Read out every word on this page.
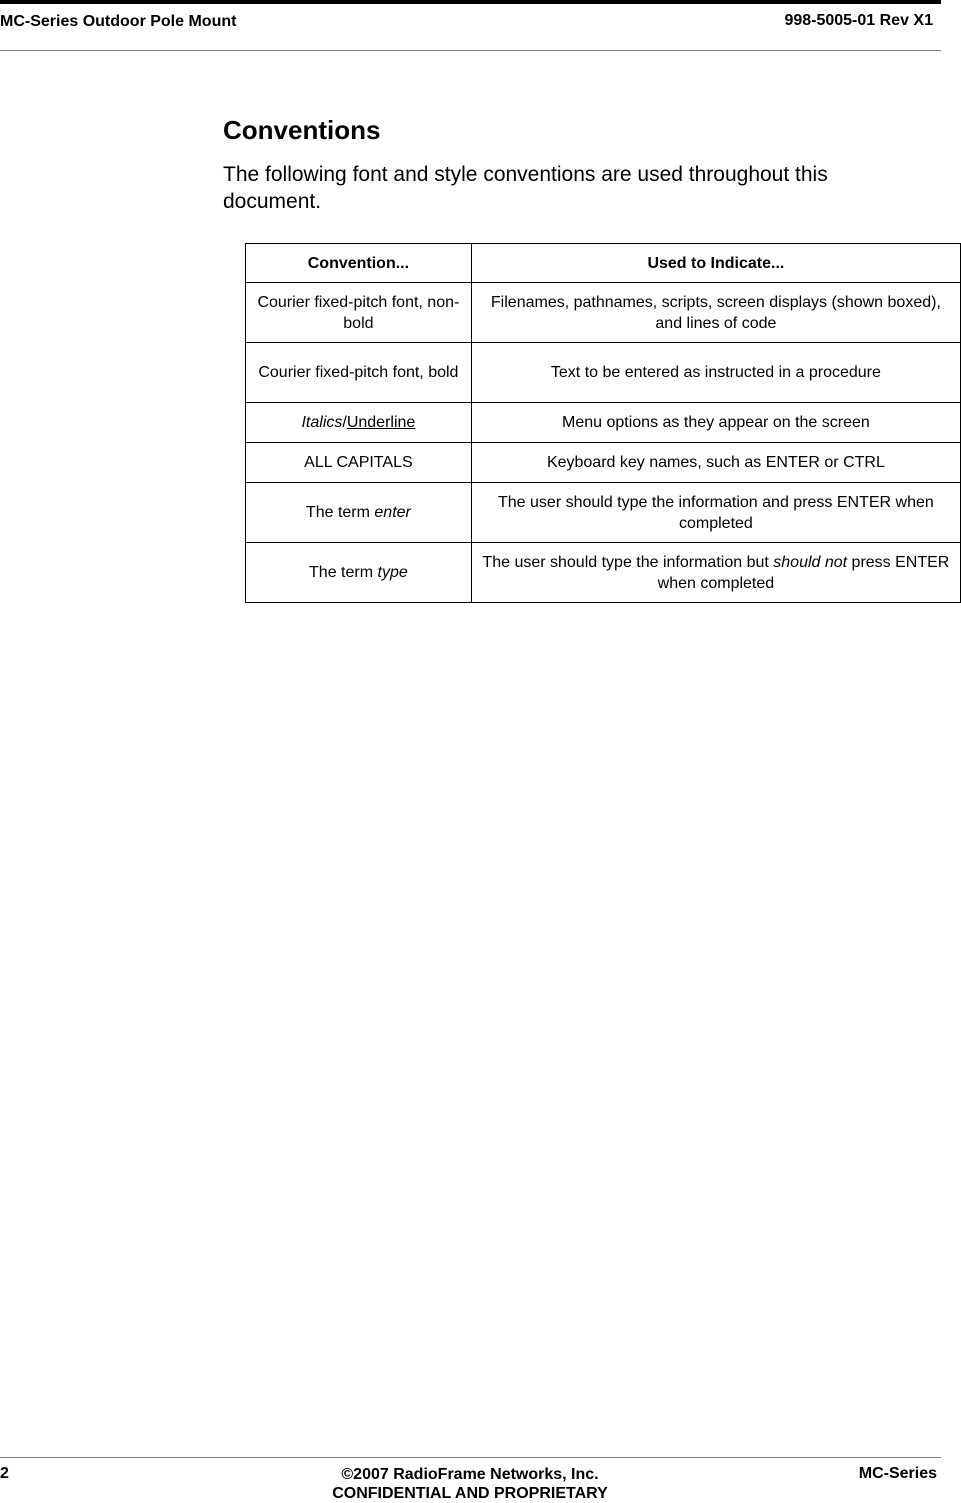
MC-Series Outdoor Pole Mount	998-5005-01 Rev X1
Conventions
The following font and style conventions are used throughout this document.
Convention...	Used to Indicate...
Courier fixed-pitch font, non-bold	Filenames, pathnames, scripts, screen displays (shown boxed), and lines of code
Courier fixed-pitch font, bold	Text to be entered as instructed in a procedure
Italics/Underline	Menu options as they appear on the screen
ALL CAPITALS	Keyboard key names, such as ENTER or CTRL
The term enter	The user should type the information and press ENTER when completed
The term type	The user should type the information but should not press ENTER when completed
2	©2007 RadioFrame Networks, Inc.
CONFIDENTIAL AND PROPRIETARY
MC-Series
